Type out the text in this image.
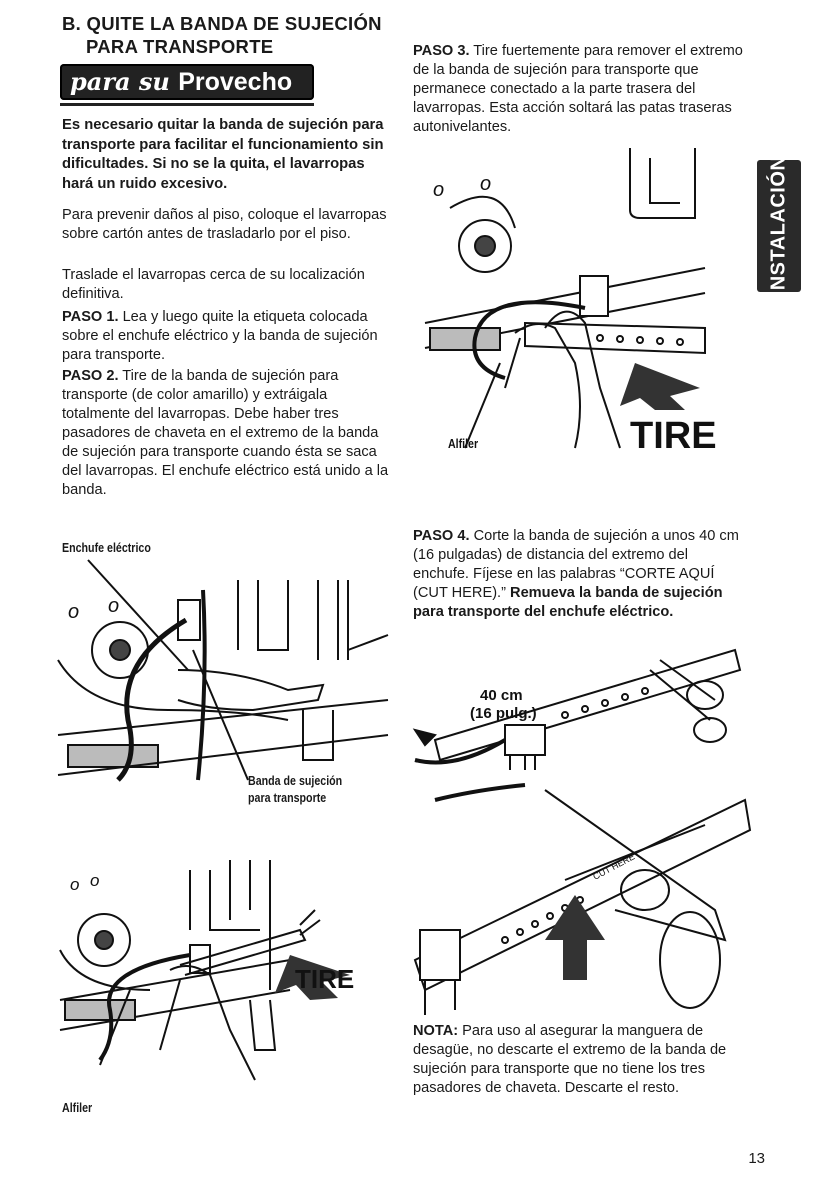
B. QUITE LA BANDA DE SUJECIÓN
PARA TRANSPORTE
para su Provecho
Es necesario quitar la banda de sujeción para transporte para facilitar el funcionamiento sin dificultades. Si no se la quita, el lavarropas hará un ruido excesivo.
Para prevenir daños al piso, coloque el lavarropas sobre cartón antes de trasladarlo por el piso.
Traslade el lavarropas cerca de su localización definitiva.
PASO 1. Lea y luego quite la etiqueta colocada sobre el enchufe eléctrico y la banda de sujeción para transporte.
PASO 2. Tire de la banda de sujeción para transporte (de color amarillo) y extráigala totalmente del lavarropas. Debe haber tres pasadores de chaveta en el extremo de la banda de sujeción para transporte cuando ésta se saca del lavarropas. El enchufe eléctrico está unido a la banda.
PASO 3. Tire fuertemente para remover el extremo de la banda de sujeción para transporte que permanece conectado a la parte trasera del lavarropas. Esta acción soltará las patas traseras autonivelantes.
PASO 4. Corte la banda de sujeción a unos 40 cm (16 pulgadas) de distancia del extremo del enchufe. Fíjese en las palabras “CORTE AQUÍ (CUT HERE).” Remueva la banda de sujeción para transporte del enchufe eléctrico.
NOTA: Para uso al asegurar la manguera de desagüe, no descarte el extremo de la banda de sujeción para transporte que no tiene los tres pasadores de chaveta. Descarte el resto.
INSTALACIÓN
o o
Alfiler	TIRE
Enchufe eléctrico
o o
Banda de sujeción
para transporte
o o
TIRE
Alfiler
40 cm
(16 pulg.)
CUT HERE
13
